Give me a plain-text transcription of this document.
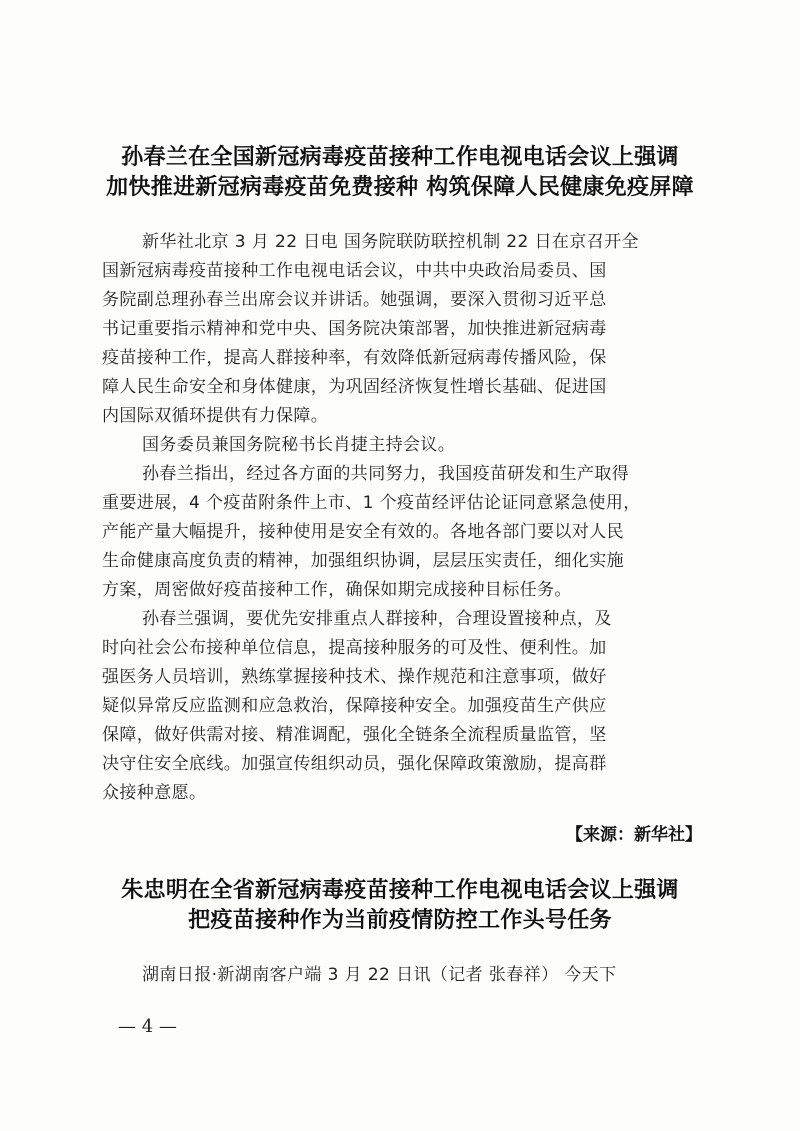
孙春兰在全国新冠病毒疫苗接种工作电视电话会议上强调
加快推进新冠病毒疫苗免费接种 构筑保障人民健康免疫屏障
新华社北京 3 月 22 日电 国务院联防联控机制 22 日在京召开全
国新冠病毒疫苗接种工作电视电话会议，中共中央政治局委员、国
务院副总理孙春兰出席会议并讲话。她强调，要深入贯彻习近平总
书记重要指示精神和党中央、国务院决策部署，加快推进新冠病毒
疫苗接种工作，提高人群接种率，有效降低新冠病毒传播风险，保
障人民生命安全和身体健康，为巩固经济恢复性增长基础、促进国
内国际双循环提供有力保障。
国务委员兼国务院秘书长肖捷主持会议。
孙春兰指出，经过各方面的共同努力，我国疫苗研发和生产取得
重要进展，4 个疫苗附条件上市、1 个疫苗经评估论证同意紧急使用，
产能产量大幅提升，接种使用是安全有效的。各地各部门要以对人民
生命健康高度负责的精神，加强组织协调，层层压实责任，细化实施
方案，周密做好疫苗接种工作，确保如期完成接种目标任务。
孙春兰强调，要优先安排重点人群接种，合理设置接种点，及
时向社会公布接种单位信息，提高接种服务的可及性、便利性。加
强医务人员培训，熟练掌握接种技术、操作规范和注意事项，做好
疑似异常反应监测和应急救治，保障接种安全。加强疫苗生产供应
保障，做好供需对接、精准调配，强化全链条全流程质量监管，坚
决守住安全底线。加强宣传组织动员，强化保障政策激励，提高群
众接种意愿。
【来源：新华社】
朱忠明在全省新冠病毒疫苗接种工作电视电话会议上强调
把疫苗接种作为当前疫情防控工作头号任务
湖南日报·新湖南客户端 3 月 22 日讯（记者 张春祥） 今天下
— 4 —
